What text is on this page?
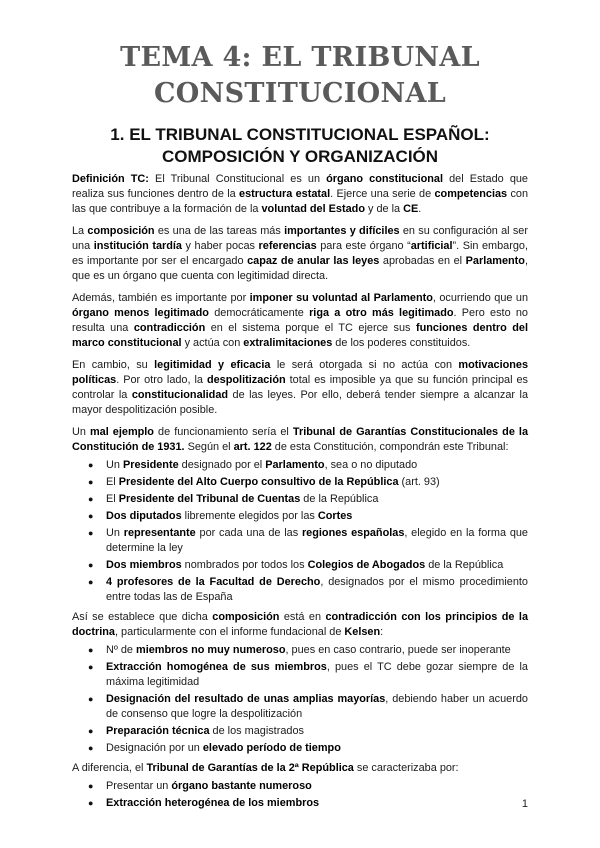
TEMA 4: EL TRIBUNAL
CONSTITUCIONAL
1. EL TRIBUNAL CONSTITUCIONAL ESPAÑOL:
COMPOSICIÓN Y ORGANIZACIÓN

Definición TC: El Tribunal Constitucional es un órgano constitucional del Estado que realiza sus funciones dentro de la estructura estatal. Ejerce una serie de competencias con las que contribuye a la formación de la voluntad del Estado y de la CE.

La composición es una de las tareas más importantes y difíciles en su configuración al ser una institución tardía y haber pocas referencias para este órgano “artificial”. Sin embargo, es importante por ser el encargado capaz de anular las leyes aprobadas en el Parlamento, que es un órgano que cuenta con legitimidad directa.

Además, también es importante por imponer su voluntad al Parlamento, ocurriendo que un órgano menos legitimado democráticamente riga a otro más legitimado. Pero esto no resulta una contradicción en el sistema porque el TC ejerce sus funciones dentro del marco constitucional y actúa con extralimitaciones de los poderes constituidos.

En cambio, su legitimidad y eficacia le será otorgada si no actúa con motivaciones políticas. Por otro lado, la despolitización total es imposible ya que su función principal es controlar la constitucionalidad de las leyes. Por ello, deberá tender siempre a alcanzar la mayor despolitización posible.

Un mal ejemplo de funcionamiento sería el Tribunal de Garantías Constitucionales de la Constitución de 1931. Según el art. 122 de esta Constitución, compondrán este Tribunal:

● Un Presidente designado por el Parlamento, sea o no diputado
● El Presidente del Alto Cuerpo consultivo de la República (art. 93)
● El Presidente del Tribunal de Cuentas de la República
● Dos diputados libremente elegidos por las Cortes
● Un representante por cada una de las regiones españolas, elegido en la forma que determine la ley
● Dos miembros nombrados por todos los Colegios de Abogados de la República
● 4 profesores de la Facultad de Derecho, designados por el mismo procedimiento entre todas las de España

Así se establece que dicha composición está en contradicción con los principios de la doctrina, particularmente con el informe fundacional de Kelsen:

● Nº de miembros no muy numeroso, pues en caso contrario, puede ser inoperante
● Extracción homogénea de sus miembros, pues el TC debe gozar siempre de la máxima legitimidad
● Designación del resultado de unas amplias mayorías, debiendo haber un acuerdo de consenso que logre la despolitización
● Preparación técnica de los magistrados
● Designación por un elevado período de tiempo

A diferencia, el Tribunal de Garantías de la 2ª República se caracterizaba por:

● Presentar un órgano bastante numeroso
● Extracción heterogénea de los miembros	1
